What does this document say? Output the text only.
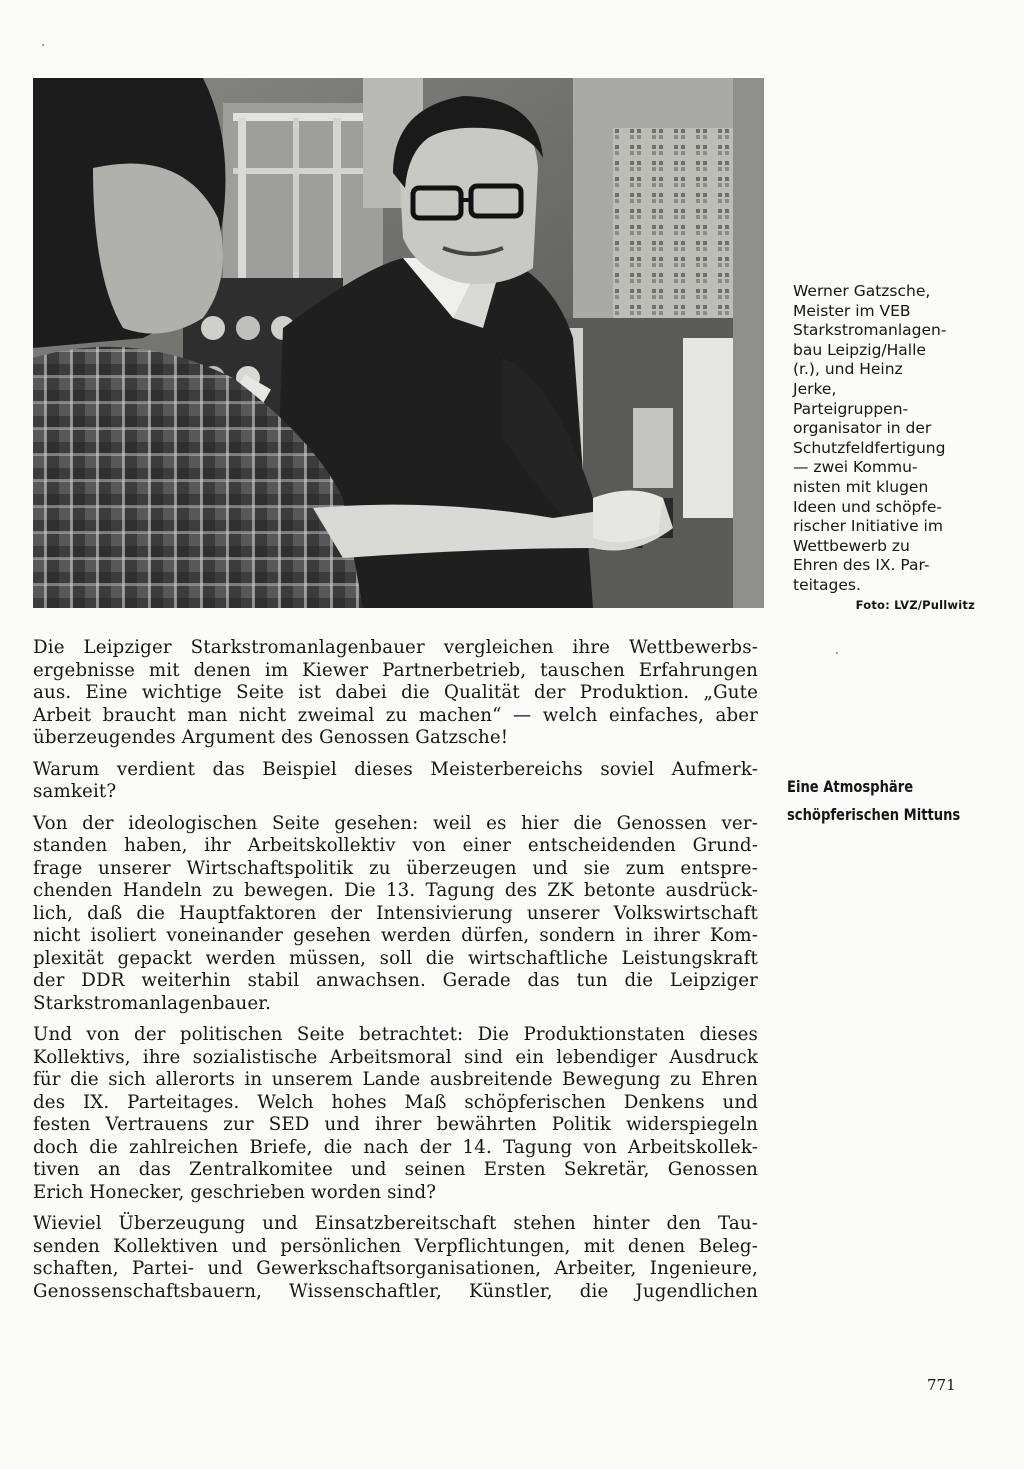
Werner Gatzsche,
Meister im VEB
Starkstromanlagen-
bau Leipzig/Halle
(r.), und Heinz
Jerke,
Parteigruppen-
organisator in der
Schutzfeldfertigung
— zwei Kommu-
nisten mit klugen
Ideen und schöpfe-
rischer Initiative im
Wettbewerb zu
Ehren des IX. Par-
teitages.
Foto: LVZ/Pullwitz
Eine Atmosphäre
schöpferischen Mittuns
Die Leipziger Starkstromanlagenbauer vergleichen ihre Wettbewerbs-
ergebnisse mit denen im Kiewer Partnerbetrieb, tauschen Erfahrungen
aus. Eine wichtige Seite ist dabei die Qualität der Produktion. „Gute
Arbeit braucht man nicht zweimal zu machen“ — welch einfaches, aber
überzeugendes Argument des Genossen Gatzsche!
Warum verdient das Beispiel dieses Meisterbereichs soviel Aufmerk-
samkeit?
Von der ideologischen Seite gesehen: weil es hier die Genossen ver-
standen haben, ihr Arbeitskollektiv von einer entscheidenden Grund-
frage unserer Wirtschaftspolitik zu überzeugen und sie zum entspre-
chenden Handeln zu bewegen. Die 13. Tagung des ZK betonte ausdrück-
lich, daß die Hauptfaktoren der Intensivierung unserer Volkswirtschaft
nicht isoliert voneinander gesehen werden dürfen, sondern in ihrer Kom-
plexität gepackt werden müssen, soll die wirtschaftliche Leistungskraft
der DDR weiterhin stabil anwachsen. Gerade das tun die Leipziger
Starkstromanlagenbauer.
Und von der politischen Seite betrachtet: Die Produktionstaten dieses
Kollektivs, ihre sozialistische Arbeitsmoral sind ein lebendiger Ausdruck
für die sich allerorts in unserem Lande ausbreitende Bewegung zu Ehren
des IX. Parteitages. Welch hohes Maß schöpferischen Denkens und
festen Vertrauens zur SED und ihrer bewährten Politik widerspiegeln
doch die zahlreichen Briefe, die nach der 14. Tagung von Arbeitskollek-
tiven an das Zentralkomitee und seinen Ersten Sekretär, Genossen
Erich Honecker, geschrieben worden sind?
Wieviel Überzeugung und Einsatzbereitschaft stehen hinter den Tau-
senden Kollektiven und persönlichen Verpflichtungen, mit denen Beleg-
schaften, Partei- und Gewerkschaftsorganisationen, Arbeiter, Ingenieure,
Genossenschaftsbauern, Wissenschaftler, Künstler, die Jugendlichen
771
